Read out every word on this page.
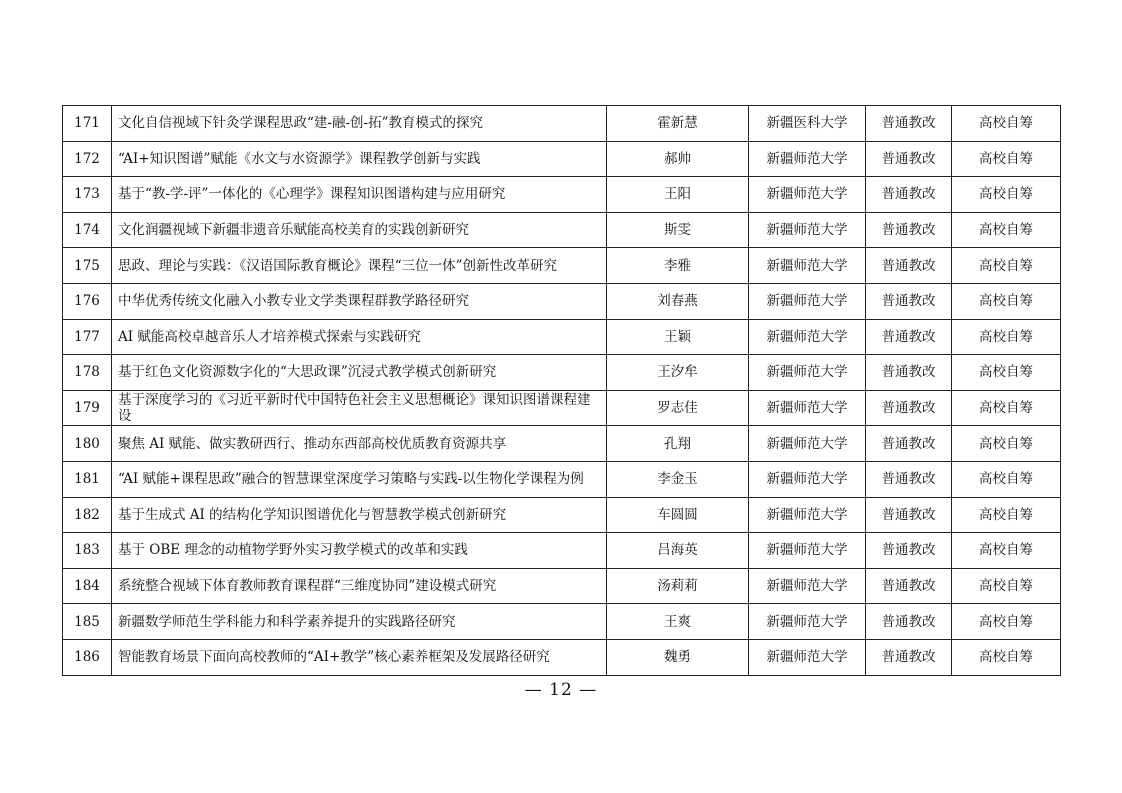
171	文化自信视域下针灸学课程思政“建-融-创-拓”教育模式的探究	霍新慧	新疆医科大学	普通教改	高校自筹
172	“AI+知识图谱”赋能《水文与水资源学》课程教学创新与实践	郝帅	新疆师范大学	普通教改	高校自筹
173	基于“教-学-评”一体化的《心理学》课程知识图谱构建与应用研究	王阳	新疆师范大学	普通教改	高校自筹
174	文化润疆视域下新疆非遗音乐赋能高校美育的实践创新研究	斯雯	新疆师范大学	普通教改	高校自筹
175	思政、理论与实践：《汉语国际教育概论》课程“三位一体”创新性改革研究	李雅	新疆师范大学	普通教改	高校自筹
176	中华优秀传统文化融入小教专业文学类课程群教学路径研究	刘春燕	新疆师范大学	普通教改	高校自筹
177	AI 赋能高校卓越音乐人才培养模式探索与实践研究	王颖	新疆师范大学	普通教改	高校自筹
178	基于红色文化资源数字化的“大思政课”沉浸式教学模式创新研究	王汐牟	新疆师范大学	普通教改	高校自筹
179	基于深度学习的《习近平新时代中国特色社会主义思想概论》课知识图谱课程建设	罗志佳	新疆师范大学	普通教改	高校自筹
180	聚焦 AI 赋能、做实教研西行、推动东西部高校优质教育资源共享	孔翔	新疆师范大学	普通教改	高校自筹
181	“AI 赋能+课程思政”融合的智慧课堂深度学习策略与实践-以生物化学课程为例	李金玉	新疆师范大学	普通教改	高校自筹
182	基于生成式 AI 的结构化学知识图谱优化与智慧教学模式创新研究	车圆圆	新疆师范大学	普通教改	高校自筹
183	基于 OBE 理念的动植物学野外实习教学模式的改革和实践	吕海英	新疆师范大学	普通教改	高校自筹
184	系统整合视域下体育教师教育课程群“三维度协同”建设模式研究	汤莉莉	新疆师范大学	普通教改	高校自筹
185	新疆数学师范生学科能力和科学素养提升的实践路径研究	王爽	新疆师范大学	普通教改	高校自筹
186	智能教育场景下面向高校教师的“AI+教学”核心素养框架及发展路径研究	魏勇	新疆师范大学	普通教改	高校自筹
— 12 —
